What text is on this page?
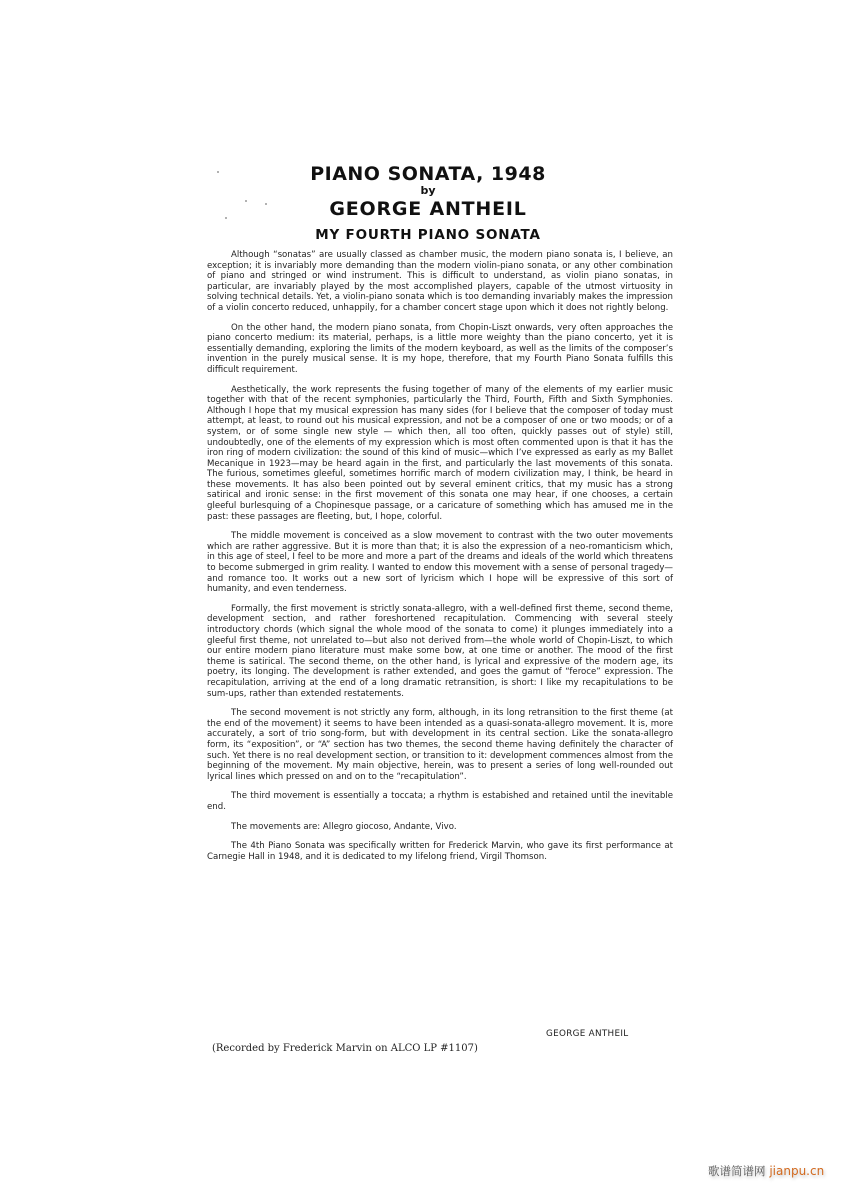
PIANO SONATA, 1948
by
GEORGE ANTHEIL
MY FOURTH PIANO SONATA

Although “sonatas” are usually classed as chamber music, the modern piano sonata is, I believe, an exception; it is invariably more demanding than the modern violin-piano sonata, or any other combination of piano and stringed or wind instrument. This is difficult to understand, as violin piano sonatas, in particular, are invariably played by the most accomplished players, capable of the utmost virtuosity in solving technical details. Yet, a violin-piano sonata which is too demanding invariably makes the impression of a violin concerto reduced, unhappily, for a chamber concert stage upon which it does not rightly belong.

On the other hand, the modern piano sonata, from Chopin-Liszt onwards, very often approaches the piano concerto medium: its material, perhaps, is a little more weighty than the piano concerto, yet it is essentially demanding, exploring the limits of the modern keyboard, as well as the limits of the composer’s invention in the purely musical sense. It is my hope, therefore, that my Fourth Piano Sonata fulfills this difficult requirement.

Aesthetically, the work represents the fusing together of many of the elements of my earlier music together with that of the recent symphonies, particularly the Third, Fourth, Fifth and Sixth Symphonies. Although I hope that my musical expression has many sides (for I believe that the composer of today must attempt, at least, to round out his musical expression, and not be a composer of one or two moods; or of a system, or of some single new style — which then, all too often, quickly passes out of style) still, undoubtedly, one of the elements of my expression which is most often commented upon is that it has the iron ring of modern civilization: the sound of this kind of music—which I’ve expressed as early as my Ballet Mecanique in 1923—may be heard again in the first, and particularly the last movements of this sonata. The furious, sometimes gleeful, sometimes horrific march of modern civilization may, I think, be heard in these movements. It has also been pointed out by several eminent critics, that my music has a strong satirical and ironic sense: in the first movement of this sonata one may hear, if one chooses, a certain gleeful burlesquing of a Chopinesque passage, or a caricature of something which has amused me in the past: these passages are fleeting, but, I hope, colorful.

The middle movement is conceived as a slow movement to contrast with the two outer movements which are rather aggressive. But it is more than that; it is also the expression of a neo-romanticism which, in this age of steel, I feel to be more and more a part of the dreams and ideals of the world which threatens to become submerged in grim reality. I wanted to endow this movement with a sense of personal tragedy—and romance too. It works out a new sort of lyricism which I hope will be expressive of this sort of humanity, and even tenderness.

Formally, the first movement is strictly sonata-allegro, with a well-defined first theme, second theme, development section, and rather foreshortened recapitulation. Commencing with several steely introductory chords (which signal the whole mood of the sonata to come) it plunges immediately into a gleeful first theme, not unrelated to—but also not derived from—the whole world of Chopin-Liszt, to which our entire modern piano literature must make some bow, at one time or another. The mood of the first theme is satirical. The second theme, on the other hand, is lyrical and expressive of the modern age, its poetry, its longing. The development is rather extended, and goes the gamut of “feroce” expression. The recapitulation, arriving at the end of a long dramatic retransition, is short: I like my recapitulations to be sum-ups, rather than extended restatements.

The second movement is not strictly any form, although, in its long retransition to the first theme (at the end of the movement) it seems to have been intended as a quasi-sonata-allegro movement. It is, more accurately, a sort of trio song-form, but with development in its central section. Like the sonata-allegro form, its “exposition”, or “A” section has two themes, the second theme having definitely the character of such. Yet there is no real development section, or transition to it: development commences almost from the beginning of the movement. My main objective, herein, was to present a series of long well-rounded out lyrical lines which pressed on and on to the “recapitulation”.

The third movement is essentially a toccata; a rhythm is estabished and retained until the inevitable end.

The movements are: Allegro giocoso, Andante, Vivo.

The 4th Piano Sonata was specifically written for Frederick Marvin, who gave its first performance at Carnegie Hall in 1948, and it is dedicated to my lifelong friend, Virgil Thomson.

GEORGE ANTHEIL
(Recorded by Frederick Marvin on ALCO LP #1107)
歌谱简谱网 jianpu.cn
